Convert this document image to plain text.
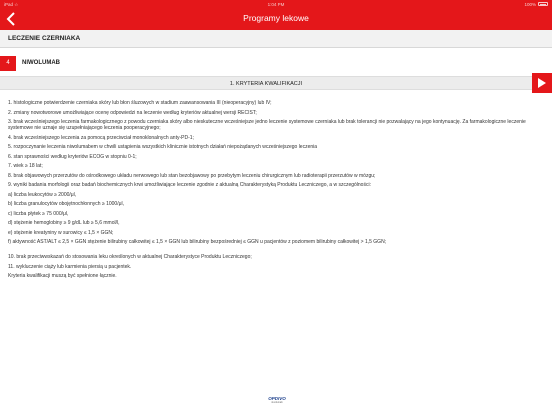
iPad ☆	1:04 PM	100%
Programy lekowe
LECZENIE CZERNIAKA
4	NIWOLUMAB
1. KRYTERIA KWALIFIKACJI

1. histologiczne potwierdzenie czerniaka skóry lub błon śluzowych w stadium zaawansowania III (nieoperacyjny) lub IV;

2. zmiany nowotworowe umożliwiające ocenę odpowiedzi na leczenie według kryteriów aktualnej wersji RECIST;

3. brak wcześniejszego leczenia farmakologicznego z powodu czerniaka skóry albo nieskuteczne wcześniejsze jedno leczenie systemowe czerniaka lub brak tolerancji nie pozwalający na jego kontynuację. Za farmakologiczne leczenie systemowe nie uznaje się uzupełniającego leczenia pooperacyjnego;

4. brak wcześniejszego leczenia za pomocą przeciwciał monoklonalnych anty-PD-1;

5. rozpoczynanie leczenia niwolumabem w chwili ustąpienia wszystkich klinicznie istotnych działań niepożądanych wcześniejszego leczenia

6. stan sprawności według kryteriów ECOG w stopniu 0-1;

7. wiek ≥ 18 lat;

8. brak objawowych przerzutów do ośrodkowego układu nerwowego lub stan bezobjawowy po przebytym leczeniu chirurgicznym lub radioterapii przerzutów w mózgu;

9. wyniki badania morfologii oraz badań biochemicznych krwi umożliwiające leczenie zgodnie z aktualną Charakterystyką Produktu Leczniczego, a w szczególności:

a) liczba leukocytów ≥ 2000/μl,

b) liczba granulocytów obojętnochłonnych ≥ 1000/μl,

c) liczba płytek ≥ 75 000/μl,

d) stężenie hemoglobiny ≥ 9 g/dL lub ≥ 5,6 mmol/l,

e) stężenie kreatyniny w surowicy ≤ 1,5 × GGN;

f) aktywność AST/ALT ≤ 2,5 × GGN stężenie bilirubiny całkowitej ≤ 1,5 × GGN lub bilirubiny bezpośredniej ≤ GGN u pacjentów z poziomem bilirubiny całkowitej > 1,5 GGN;

10. brak przeciwwskazań do stosowania leku określonych w aktualnej Charakterystyce Produktu Leczniczego;

11. wykluczenie ciąży lub karmienia piersią u pacjentek.

Kryteria kwalifikacji muszą być spełnione łącznie.

OPDIVO
nivolumab
